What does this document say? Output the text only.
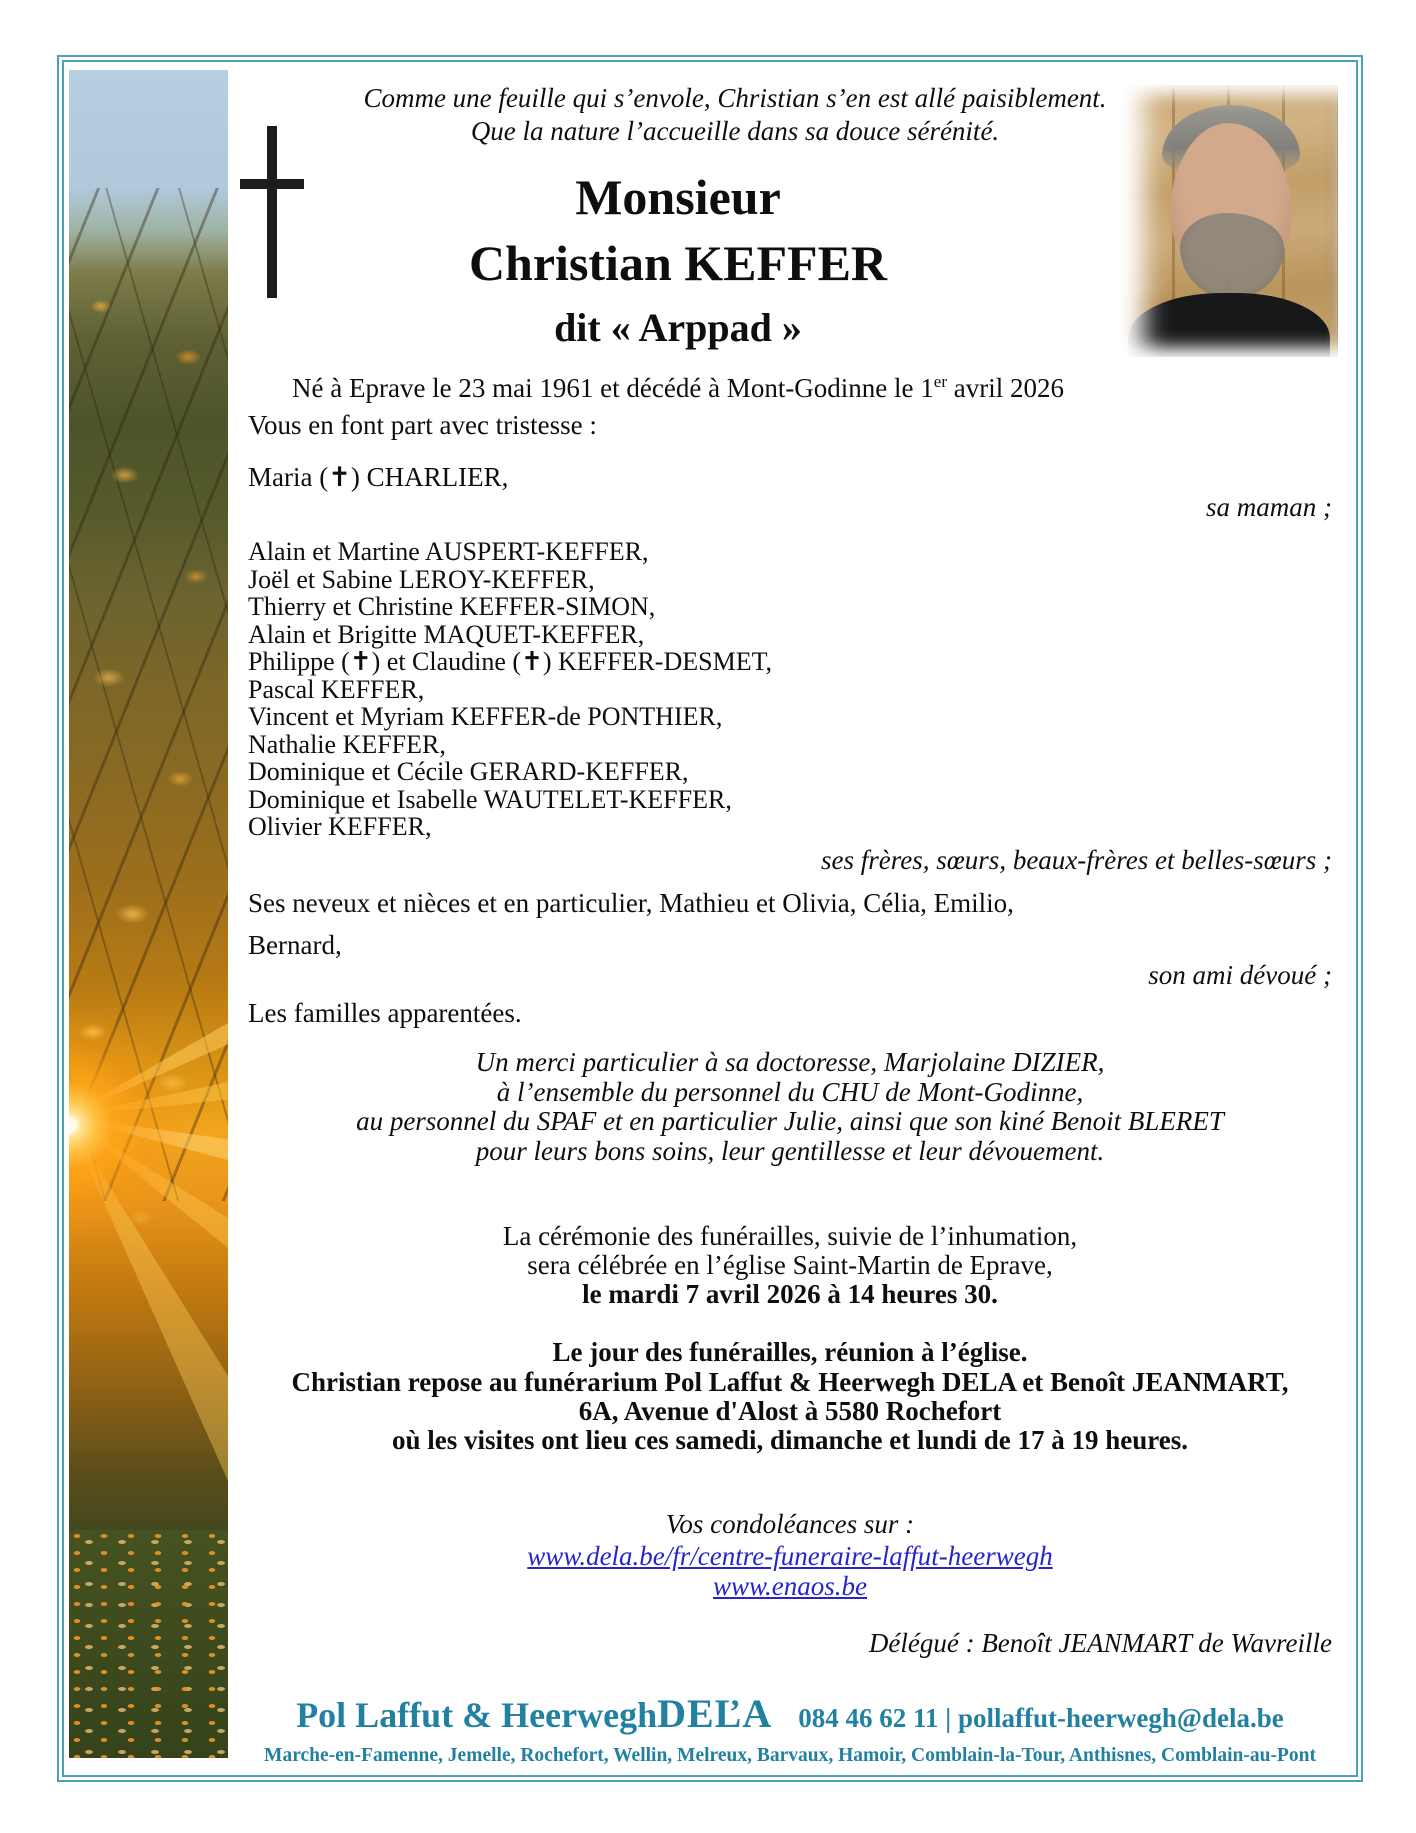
Comme une feuille qui s’envole, Christian s’en est allé paisiblement.
Que la nature l’accueille dans sa douce sérénité.
Monsieur
Christian KEFFER
dit « Arppad »
Né à Eprave le 23 mai 1961 et décédé à Mont-Godinne le 1er avril 2026
Vous en font part avec tristesse :
Maria (✝) CHARLIER,
sa maman ;
Alain et Martine AUSPERT-KEFFER,
Joël et Sabine LEROY-KEFFER,
Thierry et Christine KEFFER-SIMON,
Alain et Brigitte MAQUET-KEFFER,
Philippe (✝) et Claudine (✝) KEFFER-DESMET,
Pascal KEFFER,
Vincent et Myriam KEFFER-de PONTHIER,
Nathalie KEFFER,
Dominique et Cécile GERARD-KEFFER,
Dominique et Isabelle WAUTELET-KEFFER,
Olivier KEFFER,
ses frères, sœurs, beaux-frères et belles-sœurs ;
Ses neveux et nièces et en particulier, Mathieu et Olivia, Célia, Emilio,
Bernard,
son ami dévoué ;
Les familles apparentées.
Un merci particulier à sa doctoresse, Marjolaine DIZIER,
à l’ensemble du personnel du CHU de Mont-Godinne,
au personnel du SPAF et en particulier Julie, ainsi que son kiné Benoit BLERET
pour leurs bons soins, leur gentillesse et leur dévouement.
La cérémonie des funérailles, suivie de l’inhumation,
sera célébrée en l’église Saint-Martin de Eprave,
le mardi 7 avril 2026 à 14 heures 30.
Le jour des funérailles, réunion à l’église.
Christian repose au funérarium Pol Laffut & Heerwegh DELA et Benoît JEANMART,
6A, Avenue d'Alost à 5580 Rochefort
où les visites ont lieu ces samedi, dimanche et lundi de 17 à 19 heures.
Vos condoléances sur :
www.dela.be/fr/centre-funeraire-laffut-heerwegh
www.enaos.be
Délégué : Benoît JEANMART de Wavreille
Pol Laffut & HeerweghDEĽA 084 46 62 11 | pollaffut-heerwegh@dela.be
Marche-en-Famenne, Jemelle, Rochefort, Wellin, Melreux, Barvaux, Hamoir, Comblain-la-Tour, Anthisnes, Comblain-au-Pont
